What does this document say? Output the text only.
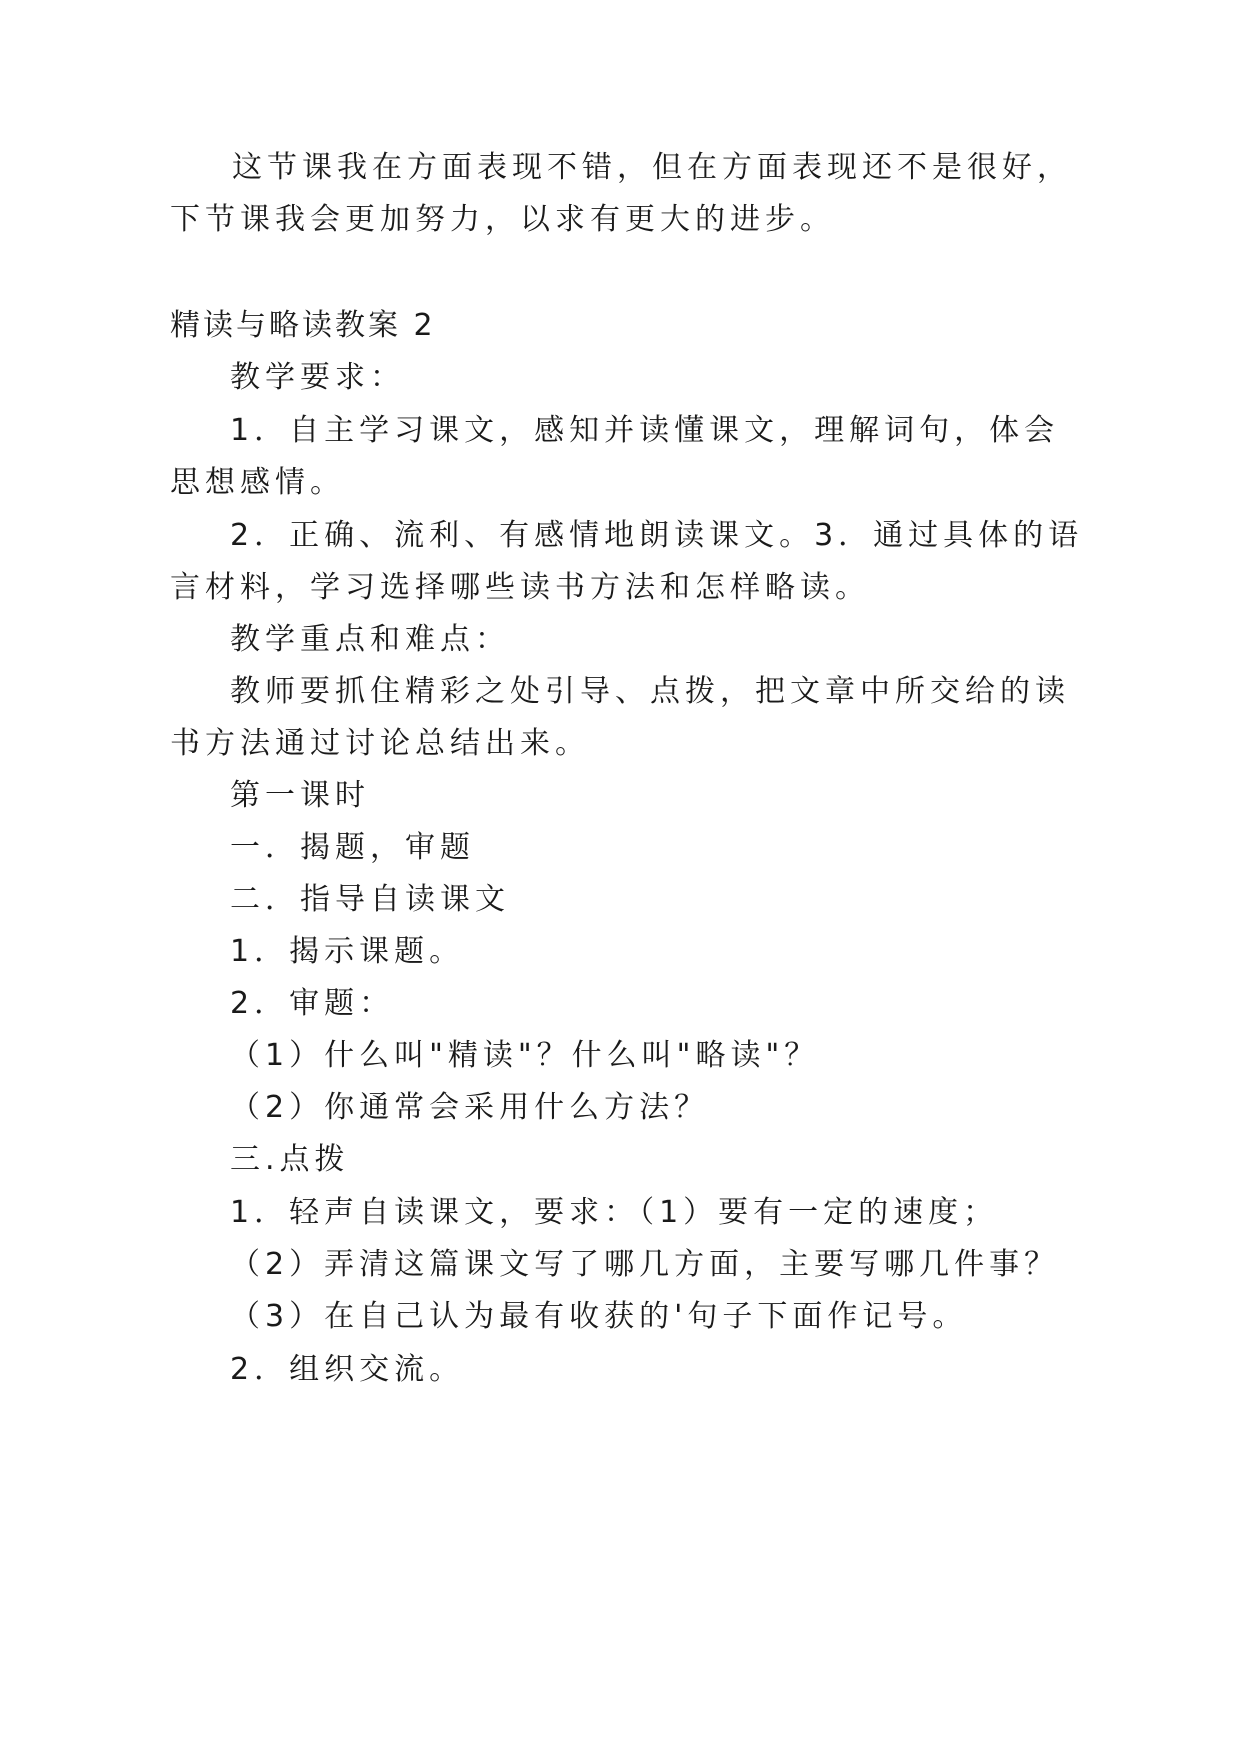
这节课我在方面表现不错，但在方面表现还不是很好，
下节课我会更加努力，以求有更大的进步。
精读与略读教案 2
教学要求：
1．自主学习课文，感知并读懂课文，理解词句，体会
思想感情。
2．正确、流利、有感情地朗读课文。3．通过具体的语
言材料，学习选择哪些读书方法和怎样略读。
教学重点和难点：
教师要抓住精彩之处引导、点拨，把文章中所交给的读
书方法通过讨论总结出来。
第一课时
一．揭题，审题
二．指导自读课文
1．揭示课题。
2．审题：
（1）什么叫"精读"？什么叫"略读"？
（2）你通常会采用什么方法？
三.点拨
1．轻声自读课文，要求：（1）要有一定的速度；
（2）弄清这篇课文写了哪几方面，主要写哪几件事？
（3）在自己认为最有收获的'句子下面作记号。
2．组织交流。
